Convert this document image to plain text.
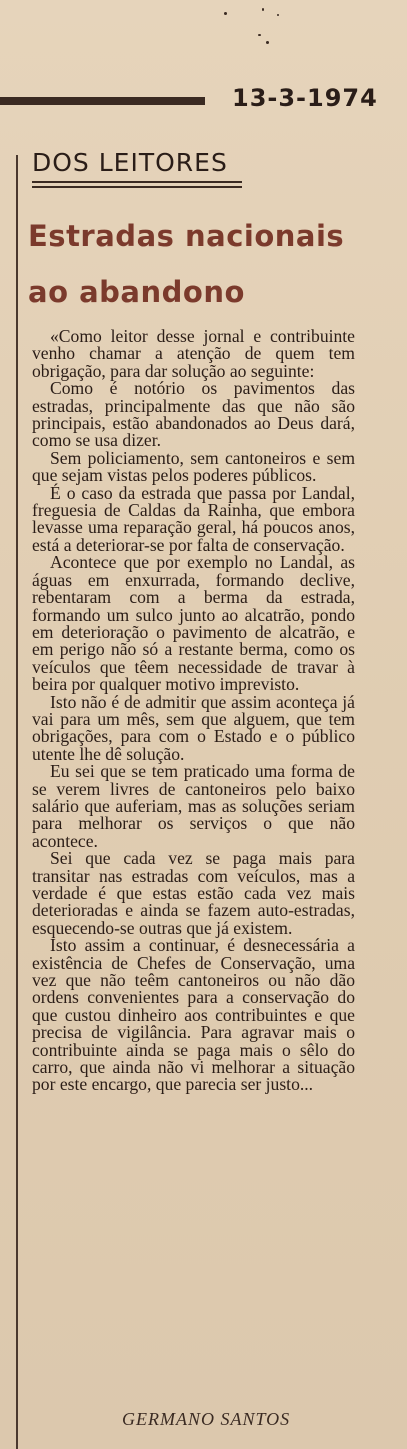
13-3-1974
DOS LEITORES
Estradas nacionais
ao abandono

«Como leitor desse jornal e contribuinte venho chamar a atenção de quem tem obrigação, para dar solução ao seguinte:

Como é notório os pavimentos das estradas, principalmente das que não são principais, estão abandonados ao Deus dará, como se usa dizer.

Sem policiamento, sem cantoneiros e sem que sejam vistas pelos poderes públicos.

É o caso da estrada que passa por Landal, freguesia de Caldas da Rainha, que embora levasse uma reparação geral, há poucos anos, está a deteriorar-se por falta de conservação.

Acontece que por exemplo no Landal, as águas em enxurrada, formando declive, rebentaram com a berma da estrada, formando um sulco junto ao alcatrão, pondo em deterioração o pavimento de alcatrão, e em perigo não só a restante berma, como os veículos que têem necessidade de travar à beira por qualquer motivo imprevisto.

Isto não é de admitir que assim aconteça já vai para um mês, sem que alguem, que tem obrigações, para com o Estado e o público utente lhe dê solução.

Eu sei que se tem praticado uma forma de se verem livres de cantoneiros pelo baixo salário que auferiam, mas as soluções seriam para melhorar os serviços o que não acontece.

Sei que cada vez se paga mais para transitar nas estradas com veículos, mas a verdade é que estas estão cada vez mais deterioradas e ainda se fazem auto-estradas, esquecendo-se outras que já existem.

Isto assim a continuar, é desnecessária a existência de Chefes de Conservação, uma vez que não teêm cantoneiros ou não dão ordens convenientes para a conservação do que custou dinheiro aos contribuintes e que precisa de vigilância. Para agravar mais o contribuinte ainda se paga mais o sêlo do carro, que ainda não vi melhorar a situação por este encargo, que parecia ser justo...

GERMANO SANTOS
